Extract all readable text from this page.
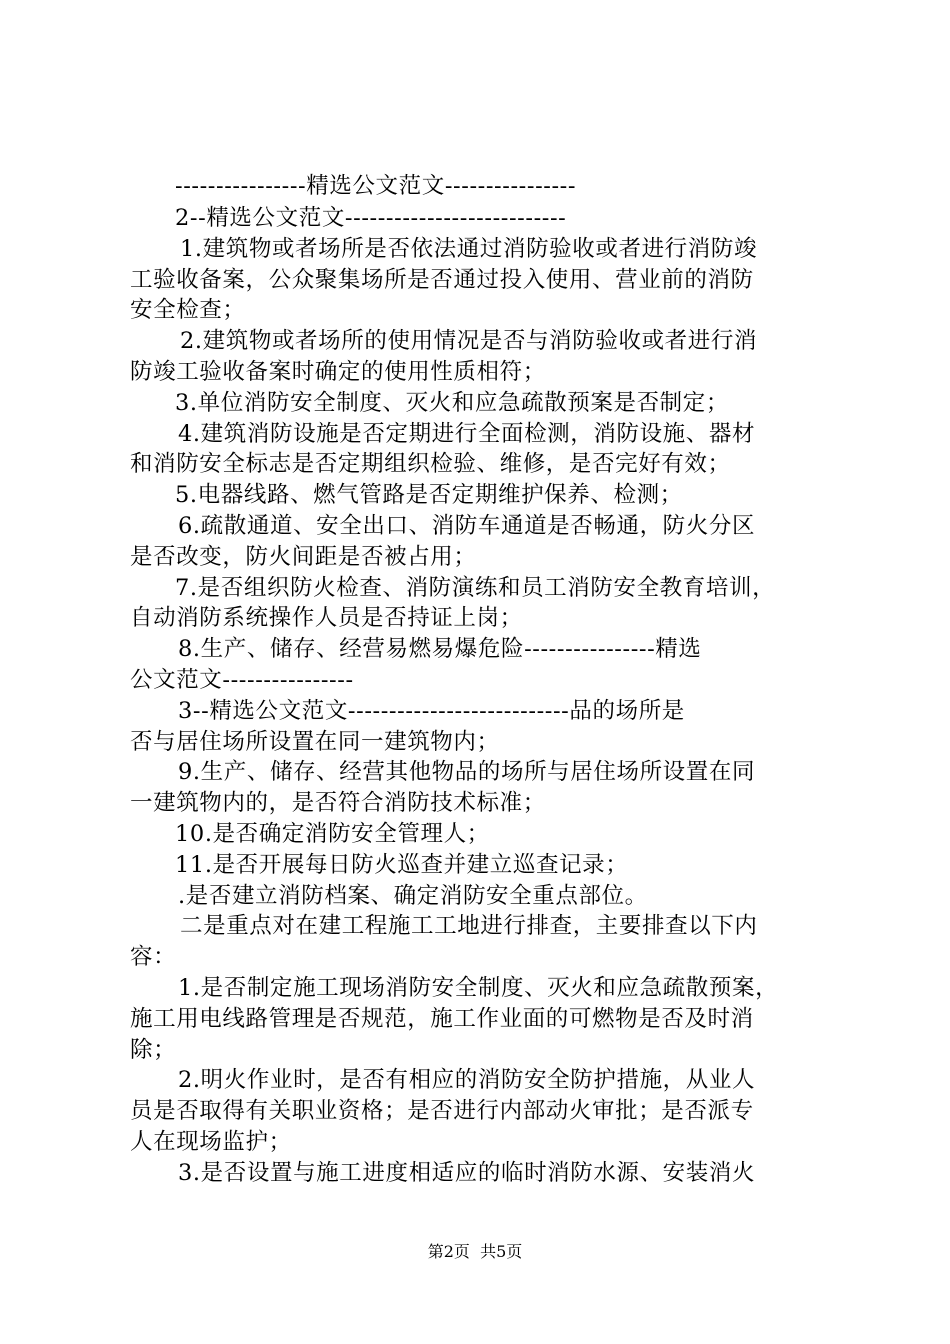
----------------精选公文范文----------------
2--精选公文范文---------------------------
1.建筑物或者场所是否依法通过消防验收或者进行消防竣
工验收备案，公众聚集场所是否通过投入使用、营业前的消防
安全检查；
2.建筑物或者场所的使用情况是否与消防验收或者进行消
防竣工验收备案时确定的使用性质相符；
3.单位消防安全制度、灭火和应急疏散预案是否制定；
4.建筑消防设施是否定期进行全面检测，消防设施、器材
和消防安全标志是否定期组织检验、维修，是否完好有效；
5.电器线路、燃气管路是否定期维护保养、检测；
6.疏散通道、安全出口、消防车通道是否畅通，防火分区
是否改变，防火间距是否被占用；
7.是否组织防火检查、消防演练和员工消防安全教育培训，
自动消防系统操作人员是否持证上岗；
8.生产、储存、经营易燃易爆危险----------------精选
公文范文----------------
3--精选公文范文---------------------------品的场所是
否与居住场所设置在同一建筑物内；
9.生产、储存、经营其他物品的场所与居住场所设置在同
一建筑物内的，是否符合消防技术标准；
10.是否确定消防安全管理人；
11.是否开展每日防火巡查并建立巡查记录；
.是否建立消防档案、确定消防安全重点部位。
二是重点对在建工程施工工地进行排查，主要排查以下内
容：
1.是否制定施工现场消防安全制度、灭火和应急疏散预案，
施工用电线路管理是否规范，施工作业面的可燃物是否及时消
除；
2.明火作业时，是否有相应的消防安全防护措施，从业人
员是否取得有关职业资格；是否进行内部动火审批；是否派专
人在现场监护；
3.是否设置与施工进度相适应的临时消防水源、安装消火
第2页  共5页
